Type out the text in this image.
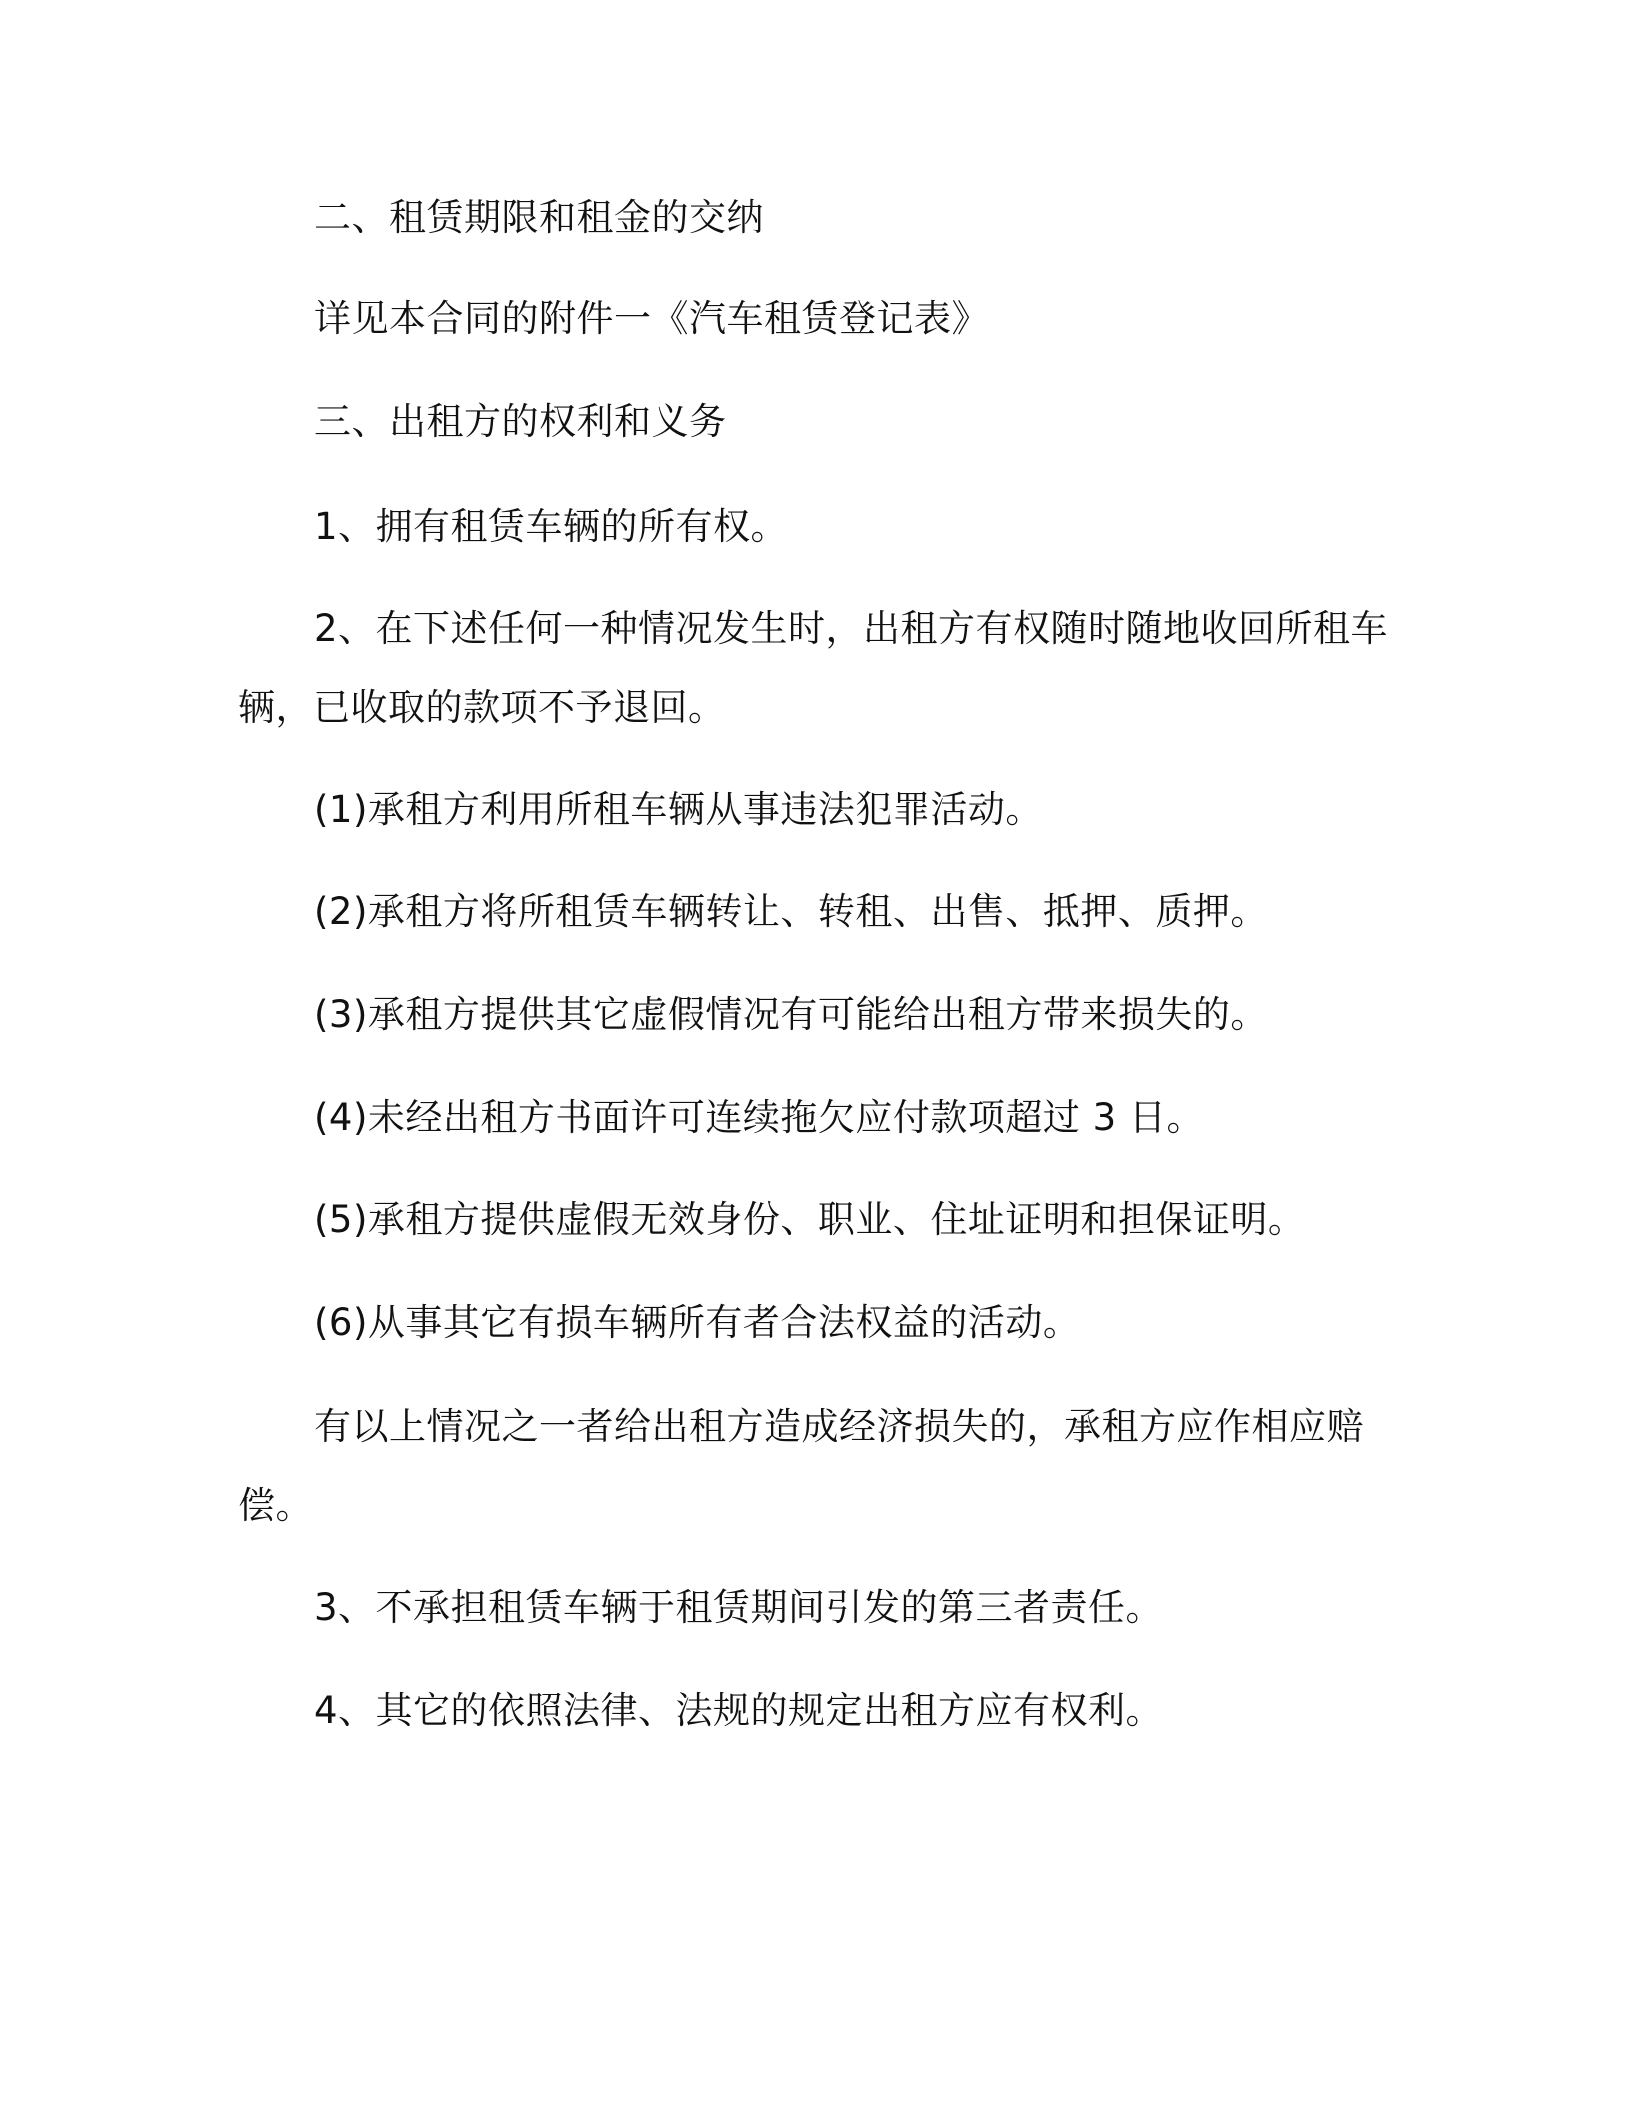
二、租赁期限和租金的交纳

详见本合同的附件一《汽车租赁登记表》

三、出租方的权利和义务

1、拥有租赁车辆的所有权。

2、在下述任何一种情况发生时，出租方有权随时随地收回所租车

辆，已收取的款项不予退回。

(1)承租方利用所租车辆从事违法犯罪活动。

(2)承租方将所租赁车辆转让、转租、出售、抵押、质押。

(3)承租方提供其它虚假情况有可能给出租方带来损失的。

(4)未经出租方书面许可连续拖欠应付款项超过 3 日。

(5)承租方提供虚假无效身份、职业、住址证明和担保证明。

(6)从事其它有损车辆所有者合法权益的活动。

有以上情况之一者给出租方造成经济损失的，承租方应作相应赔

偿。

3、不承担租赁车辆于租赁期间引发的第三者责任。

4、其它的依照法律、法规的规定出租方应有权利。
